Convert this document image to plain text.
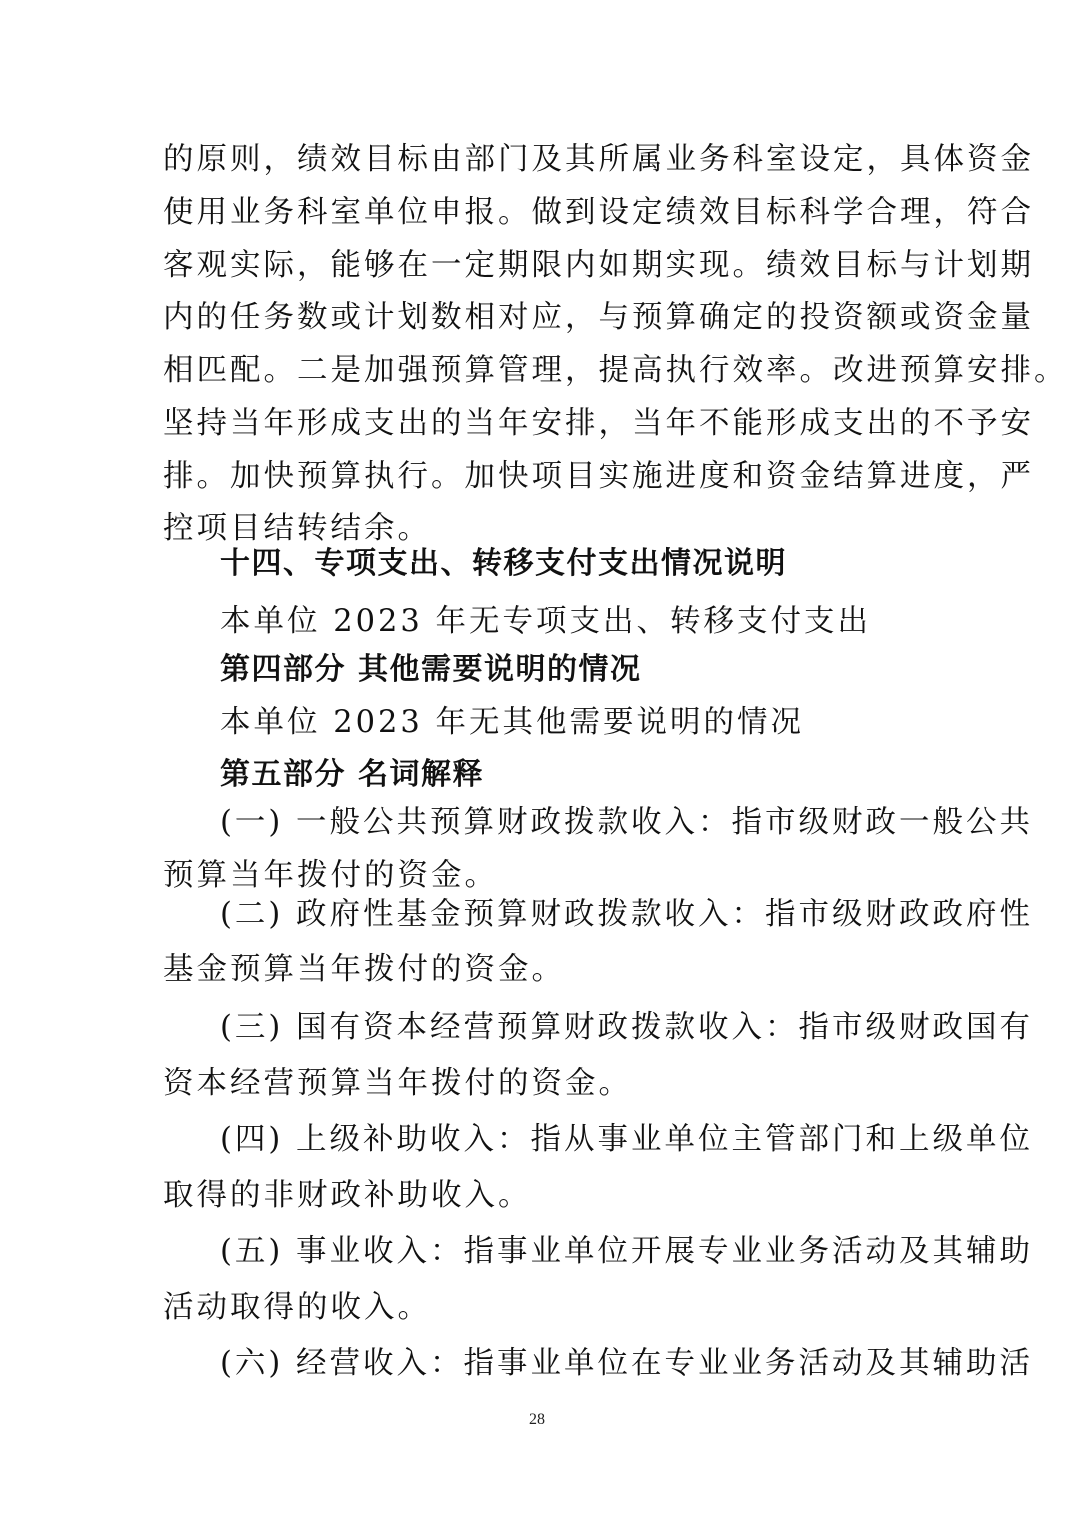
的原则，绩效目标由部门及其所属业务科室设定，具体资金
使用业务科室单位申报。做到设定绩效目标科学合理，符合
客观实际，能够在一定期限内如期实现。绩效目标与计划期
内的任务数或计划数相对应，与预算确定的投资额或资金量
相匹配。二是加强预算管理，提高执行效率。改进预算安排。
坚持当年形成支出的当年安排，当年不能形成支出的不予安
排。加快预算执行。加快项目实施进度和资金结算进度，严
控项目结转结余。
十四、专项支出、转移支付支出情况说明
本单位 2023 年无专项支出、转移支付支出
第四部分 其他需要说明的情况
本单位 2023 年无其他需要说明的情况
第五部分 名词解释
(一) 一般公共预算财政拨款收入：指市级财政一般公共
预算当年拨付的资金。
(二) 政府性基金预算财政拨款收入：指市级财政政府性
基金预算当年拨付的资金。
(三) 国有资本经营预算财政拨款收入：指市级财政国有
资本经营预算当年拨付的资金。
(四) 上级补助收入：指从事业单位主管部门和上级单位
取得的非财政补助收入。
(五) 事业收入：指事业单位开展专业业务活动及其辅助
活动取得的收入。
(六) 经营收入：指事业单位在专业业务活动及其辅助活
28
